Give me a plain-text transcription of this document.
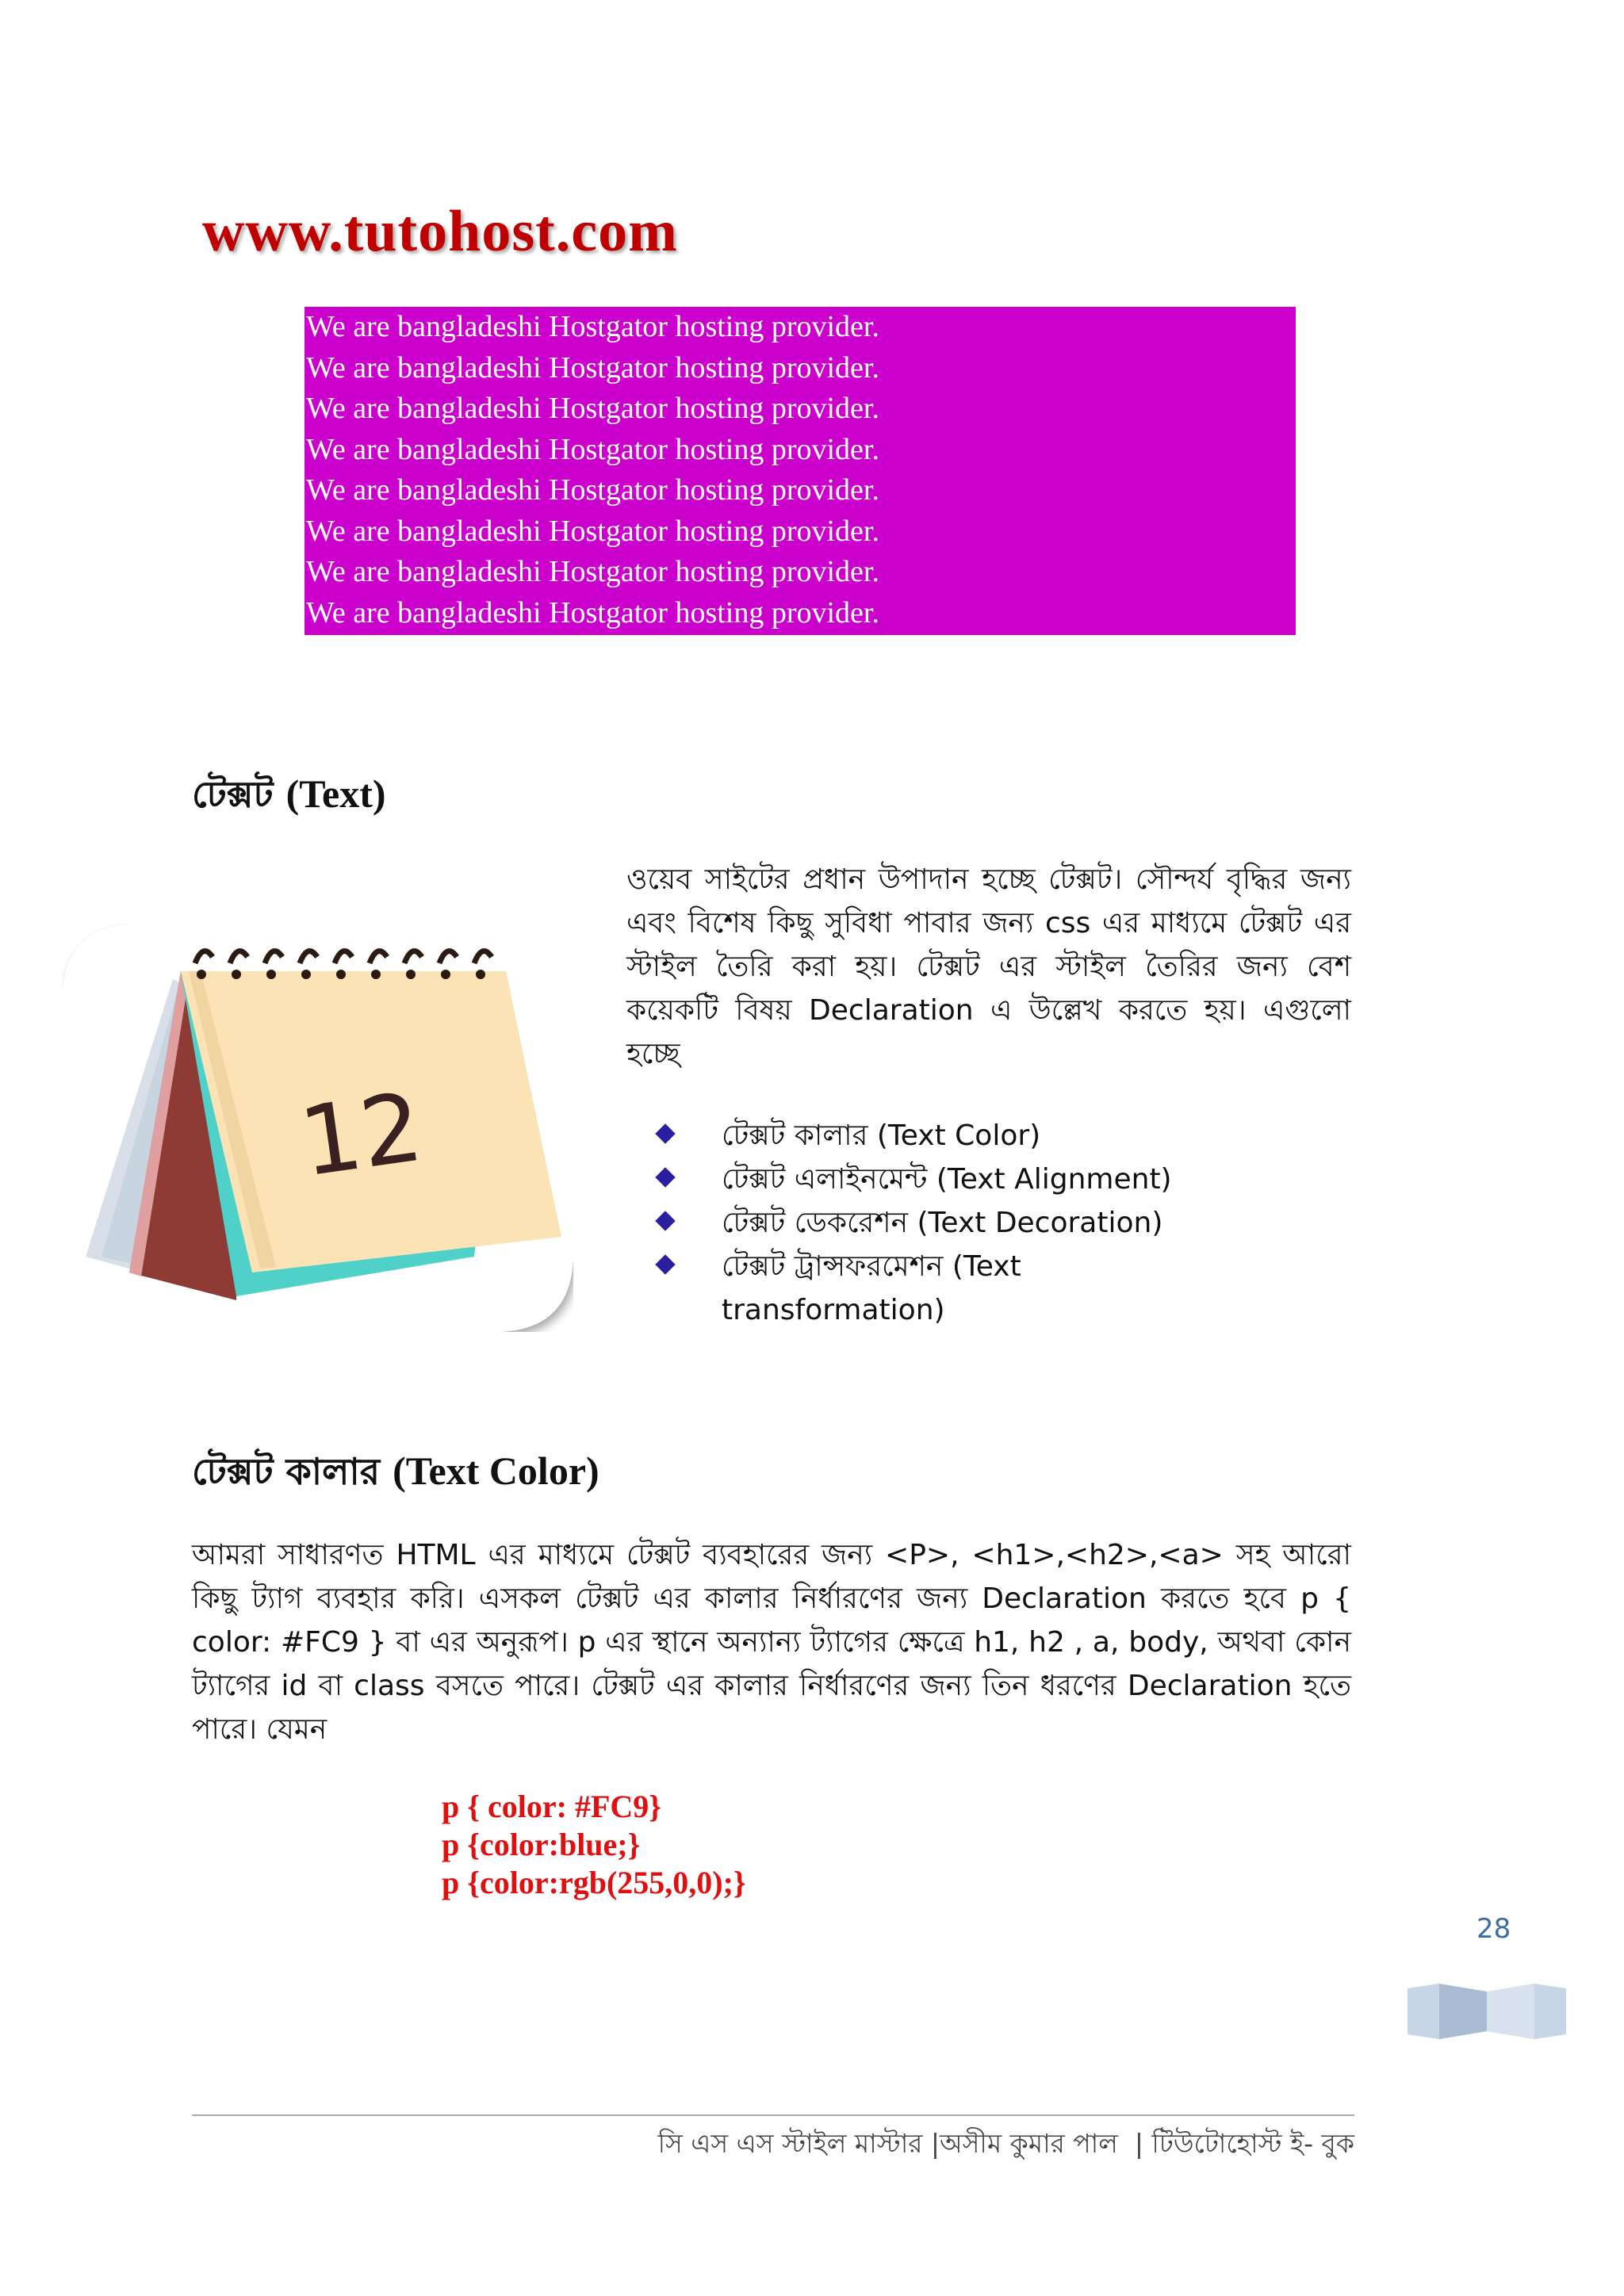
www.tutohost.com
We are bangladeshi Hostgator hosting provider.
We are bangladeshi Hostgator hosting provider.
We are bangladeshi Hostgator hosting provider.
We are bangladeshi Hostgator hosting provider.
We are bangladeshi Hostgator hosting provider.
We are bangladeshi Hostgator hosting provider.
We are bangladeshi Hostgator hosting provider.
We are bangladeshi Hostgator hosting provider.
টেক্সট (Text)
ওয়েব সাইটের প্রধান উপাদান হচ্ছে টেক্সট। সৌন্দর্য বৃদ্ধির জন্য এবং বিশেষ কিছু সুবিধা পাবার জন্য css এর মাধ্যমে টেক্সট এর স্টাইল তৈরি করা হয়। টেক্সট এর স্টাইল তৈরির জন্য বেশ কয়েকটি বিষয় Declaration এ উল্লেখ করতে হয়। এগুলো হচ্ছে
12	টেক্সট কালার (Text Color)
টেক্সট এলাইনমেন্ট (Text Alignment)
টেক্সট ডেকরেশন (Text Decoration)
টেক্সট ট্রান্সফরমেশন (Text transformation)
টেক্সট কালার (Text Color)
আমরা সাধারণত HTML এর মাধ্যমে টেক্সট ব্যবহারের জন্য <P>, <h1>,<h2>,<a> সহ আরো কিছু ট্যাগ ব্যবহার করি। এসকল টেক্সট এর কালার নির্ধারণের জন্য Declaration করতে হবে p { color: #FC9 } বা এর অনুরূপ। p এর স্থানে অন্যান্য ট্যাগের ক্ষেত্রে h1, h2 , a, body, অথবা কোন ট্যাগের id বা class বসতে পারে। টেক্সট এর কালার নির্ধারণের জন্য তিন ধরণের Declaration হতে পারে। যেমন
p { color: #FC9}
p {color:blue;}
p {color:rgb(255,0,0);}
28
সি এস এস স্টাইল মাস্টার |অসীম কুমার পাল  | টিউটোহোস্ট ই- বুক
